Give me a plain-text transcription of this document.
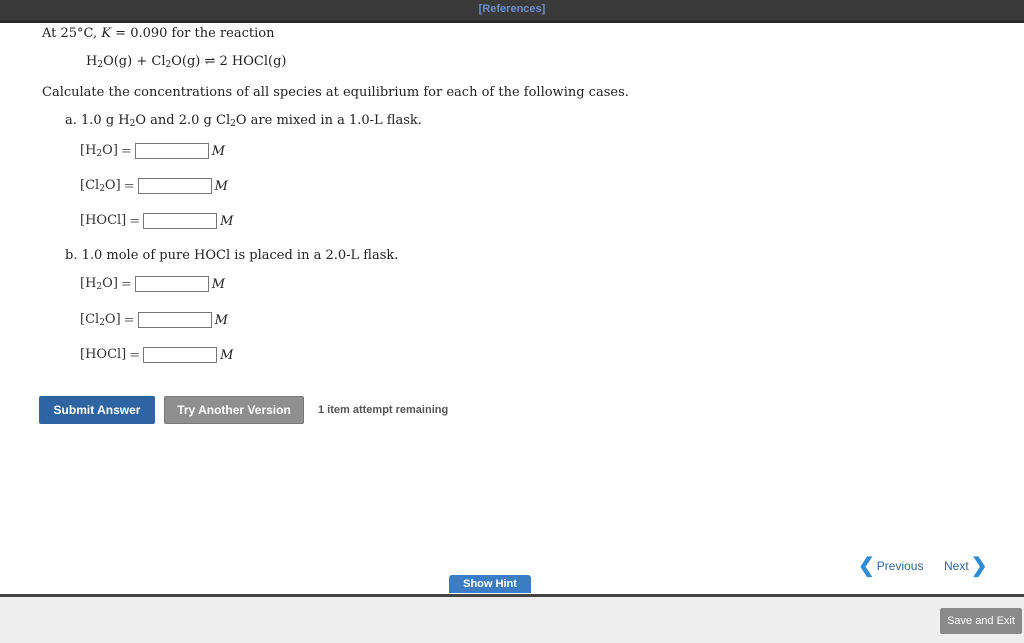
[References]
At 25°C, K = 0.090 for the reaction
$H_2O(g) + Cl_2O(g)$ ⇌ 2 HOCl(g)
Calculate the concentrations of all species at equilibrium for each of the following cases.
a. 1.0 g $H_2O$ and 2.0 g $Cl_2O$ are mixed in a 1.0-L flask.
$[H_2O]$ =	M
$[Cl_2O]$ =	M
[HOCl] =	M
b. 1.0 mole of pure HOCl is placed in a 2.0-L flask.
$[H_2O]$ =	M
$[Cl_2O]$ =	M
[HOCl] =	M
Submit Answer	Try Another Version	1 item attempt remaining
❮ Previous Next ❯
Show Hint
Save and Exit
